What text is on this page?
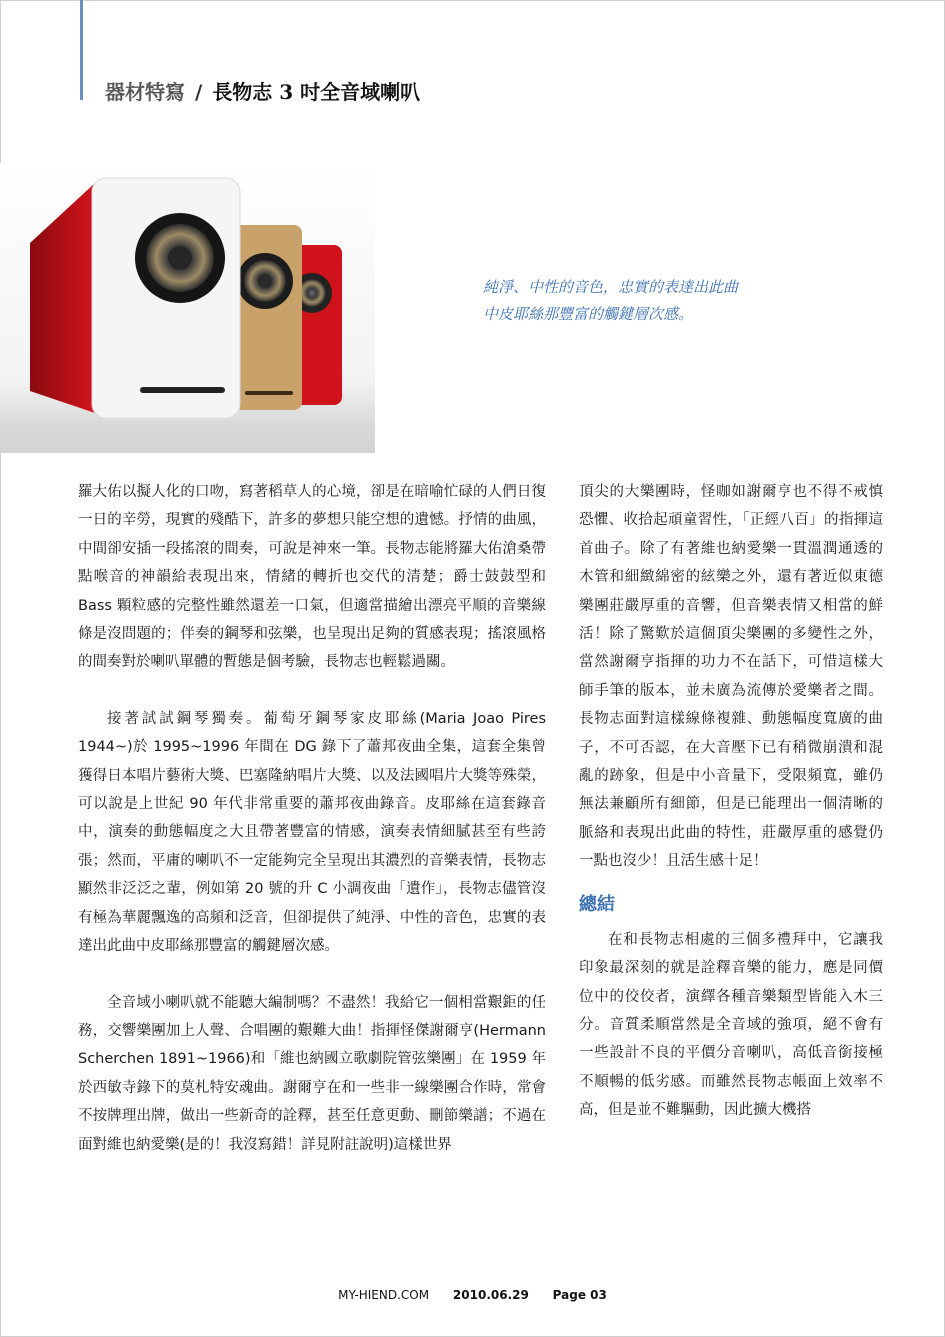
器材特寫 / 長物志 3 吋全音域喇叭
純淨、中性的音色，忠實的表達出此曲
中皮耶絲那豐富的觸鍵層次感。

羅大佑以擬人化的口吻，寫著稻草人的心境，卻是在暗喻忙碌的人們日復一日的辛勞，現實的殘酷下，許多的夢想只能空想的遺憾。抒情的曲風，中間卻安插一段搖滾的間奏，可說是神來一筆。長物志能將羅大佑滄桑帶點喉音的神韻給表現出來，情緒的轉折也交代的清楚；爵士鼓鼓型和 Bass 顆粒感的完整性雖然還差一口氣，但適當描繪出漂亮平順的音樂線條是沒問題的；伴奏的鋼琴和弦樂，也呈現出足夠的質感表現；搖滾風格的間奏對於喇叭單體的暫態是個考驗，長物志也輕鬆過關。

接著試試鋼琴獨奏。葡萄牙鋼琴家皮耶絲(Maria Joao Pires 1944~)於 1995~1996 年間在 DG 錄下了蕭邦夜曲全集，這套全集曾獲得日本唱片藝術大獎、巴塞隆納唱片大獎、以及法國唱片大獎等殊榮，可以說是上世紀 90 年代非常重要的蕭邦夜曲錄音。皮耶絲在這套錄音中，演奏的動態幅度之大且帶著豐富的情感，演奏表情細膩甚至有些誇張；然而，平庸的喇叭不一定能夠完全呈現出其濃烈的音樂表情，長物志顯然非泛泛之輩，例如第 20 號的升 C 小調夜曲「遺作」，長物志儘管沒有極為華麗飄逸的高頻和泛音，但卻提供了純淨、中性的音色，忠實的表達出此曲中皮耶絲那豐富的觸鍵層次感。

全音域小喇叭就不能聽大編制嗎？不盡然！我給它一個相當艱鉅的任務，交響樂團加上人聲、合唱團的艱難大曲！指揮怪傑謝爾亨(Hermann Scherchen 1891~1966)和「維也納國立歌劇院管弦樂團」在 1959 年於西敏寺錄下的莫札特安魂曲。謝爾亨在和一些非一線樂團合作時，常會不按牌理出牌，做出一些新奇的詮釋，甚至任意更動、刪節樂譜；不過在面對維也納愛樂(是的！我沒寫錯！詳見附註說明)這樣世界

頂尖的大樂團時，怪咖如謝爾亨也不得不戒慎恐懼、收拾起頑童習性，「正經八百」的指揮這首曲子。除了有著維也納愛樂一貫溫潤通透的木管和細緻綿密的絃樂之外，還有著近似東德樂團莊嚴厚重的音響，但音樂表情又相當的鮮活！除了驚歎於這個頂尖樂團的多變性之外，當然謝爾亨指揮的功力不在話下，可惜這樣大師手筆的版本，並未廣為流傳於愛樂者之間。長物志面對這樣線條複雜、動態幅度寬廣的曲子，不可否認，在大音壓下已有稍微崩潰和混亂的跡象，但是中小音量下，受限頻寬，雖仍無法兼顧所有細節，但是已能理出一個清晰的脈絡和表現出此曲的特性，莊嚴厚重的感覺仍一點也沒少！且活生感十足！

總結

在和長物志相處的三個多禮拜中，它讓我印象最深刻的就是詮釋音樂的能力，應是同價位中的佼佼者，演繹各種音樂類型皆能入木三分。音質柔順當然是全音域的強項，絕不會有一些設計不良的平價分音喇叭，高低音銜接極不順暢的低劣感。而雖然長物志帳面上效率不高，但是並不難驅動，因此擴大機搭

MY-HIEND.COM 2010.06.29 Page 03
